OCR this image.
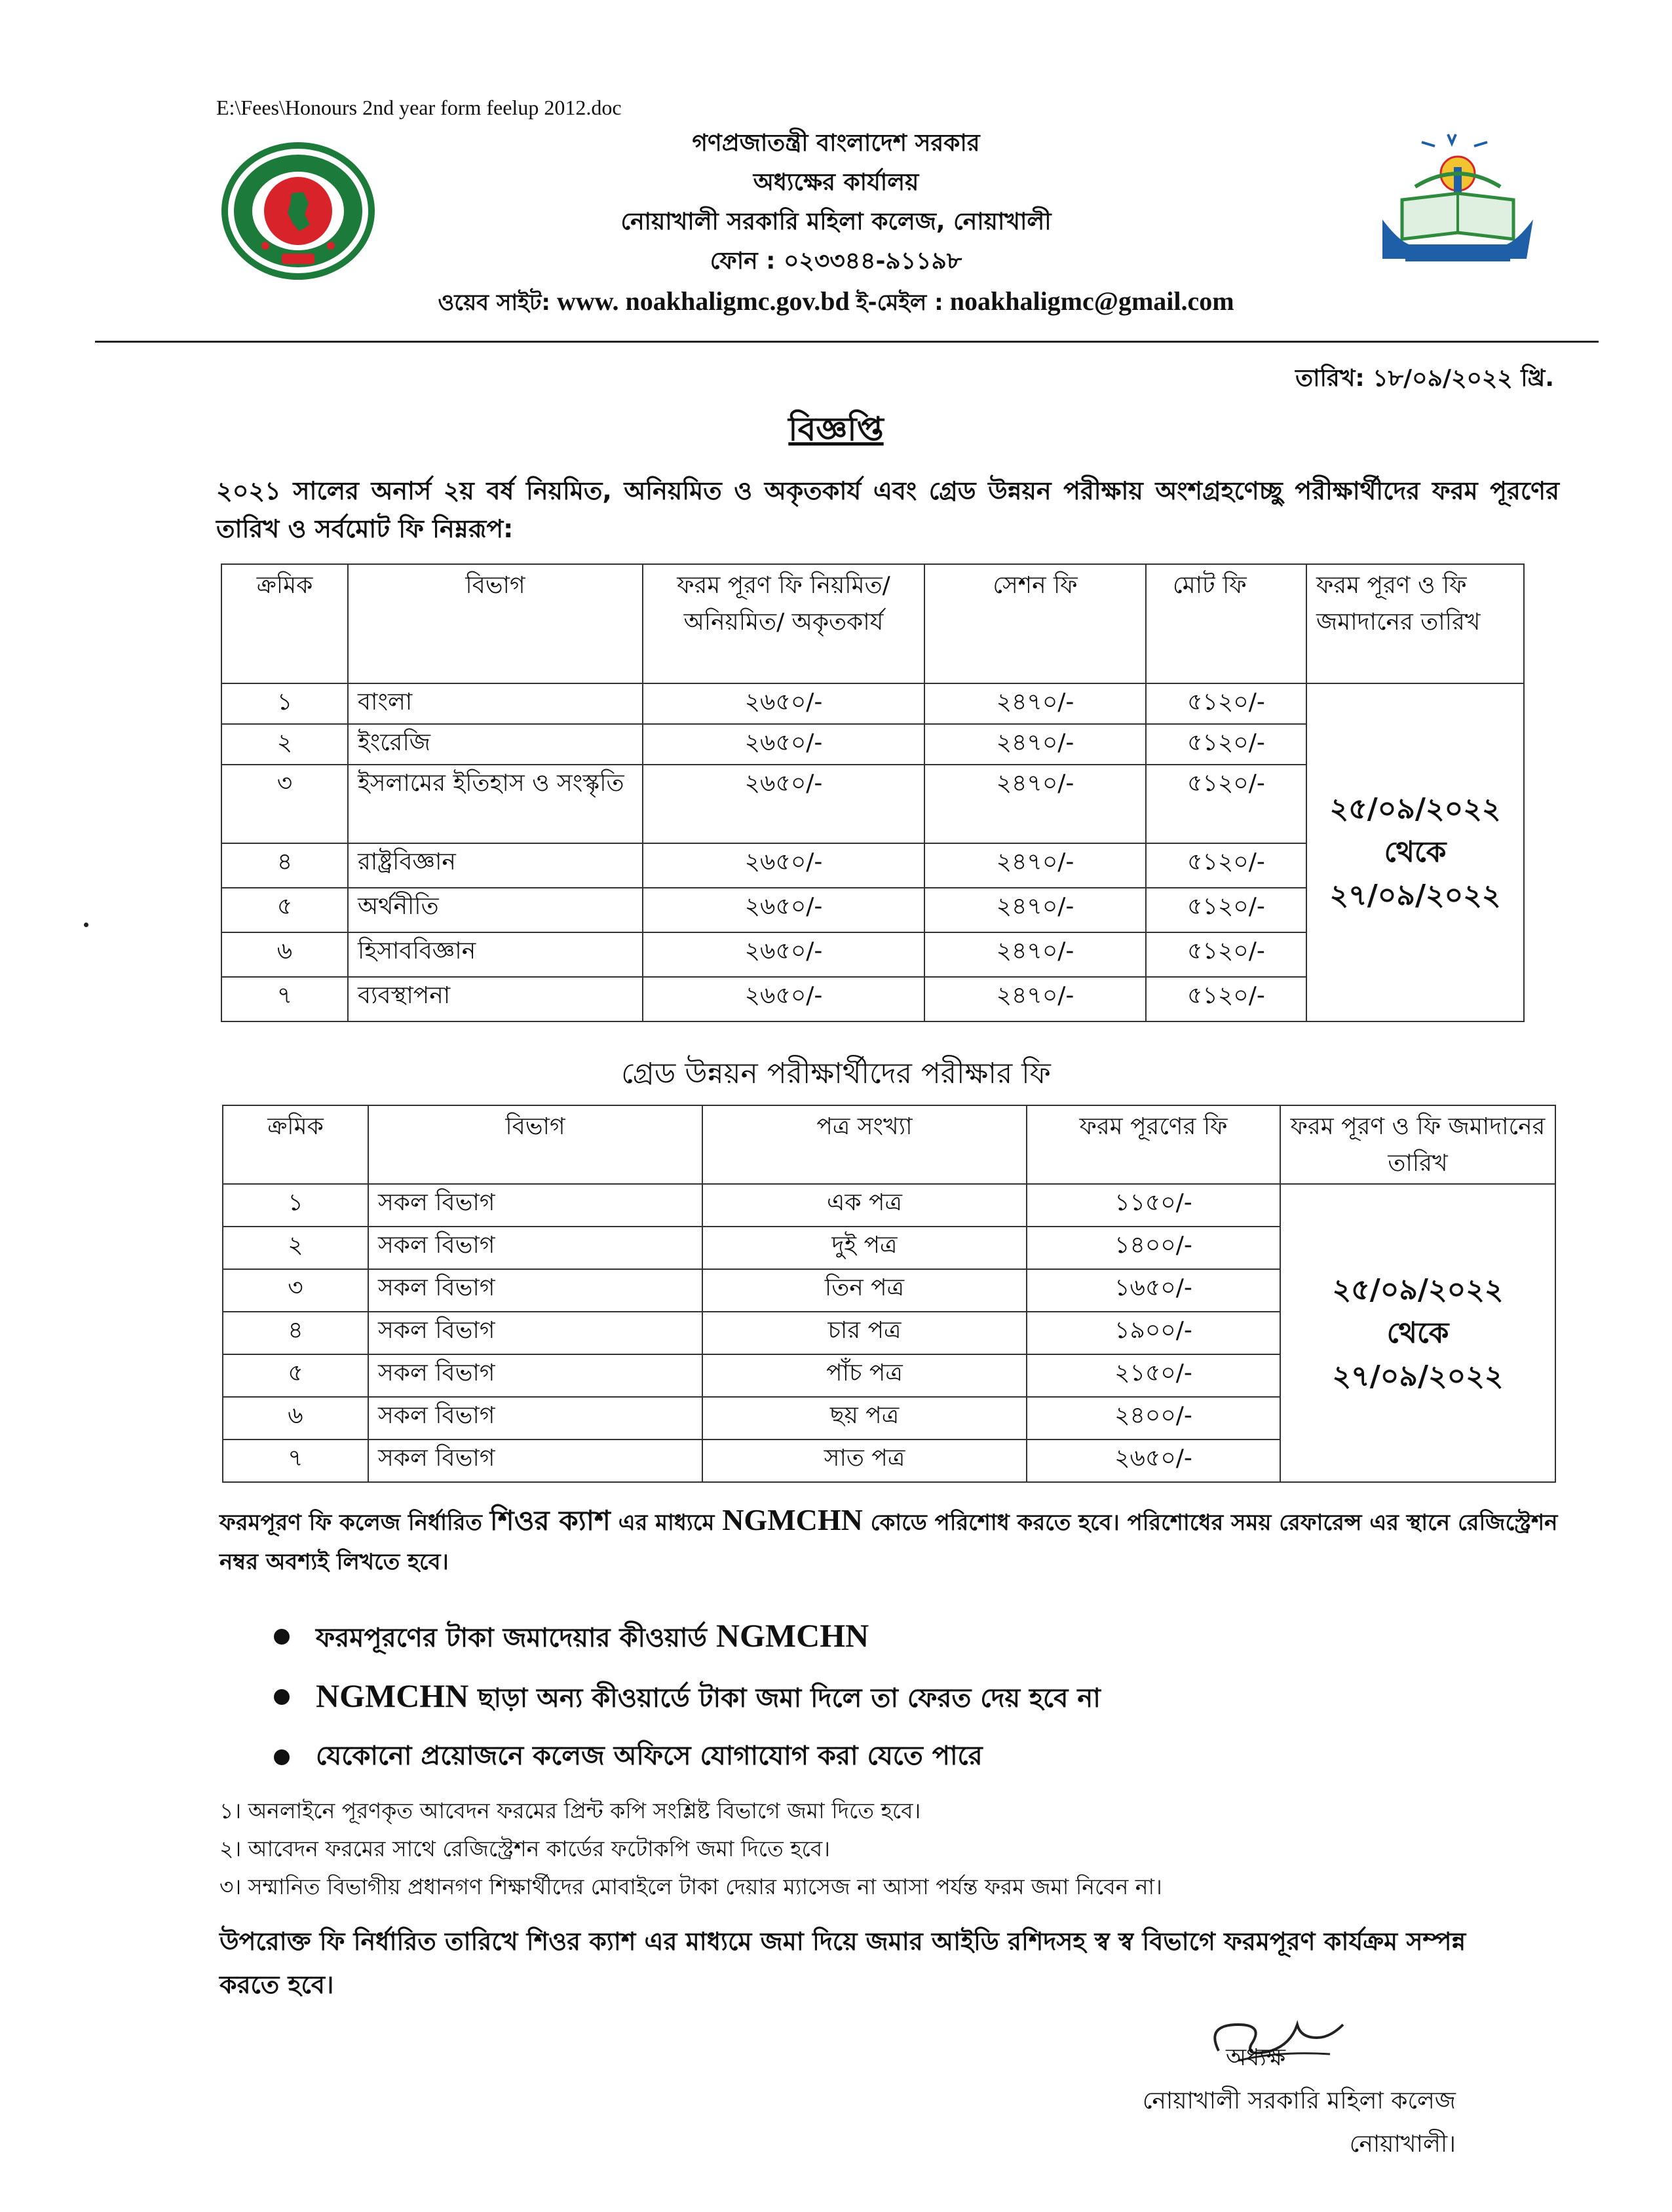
E:\Fees\Honours 2nd year form feelup 2012.doc
গণপ্রজাতন্ত্রী বাংলাদেশ সরকার
অধ্যক্ষের কার্যালয়
নোয়াখালী সরকারি মহিলা কলেজ, নোয়াখালী
ফোন : ০২৩৩৪৪-৯১১৯৮
ওয়েব সাইট: www. noakhaligmc.gov.bd ই-মেইল : noakhaligmc@gmail.com
তারিখ: ১৮/০৯/২০২২ খ্রি.
বিজ্ঞপ্তি
২০২১ সালের অনার্স ২য় বর্ষ নিয়মিত, অনিয়মিত ও অকৃতকার্য এবং গ্রেড উন্নয়ন পরীক্ষায় অংশগ্রহণেচ্ছু পরীক্ষার্থীদের ফরম পূরণের তারিখ ও সর্বমোট ফি নিম্নরূপ:
ক্রমিক	বিভাগ	ফরম পূরণ ফি নিয়মিত/অনিয়মিত/ অকৃতকার্য	সেশন ফি	মোট ফি	ফরম পূরণ ও ফি জমাদানের তারিখ
১	বাংলা	২৬৫০/-	২৪৭০/-	৫১২০/-	২৫/০৯/২০২২
থেকে
২৭/০৯/২০২২

২	ইংরেজি	২৬৫০/-	২৪৭০/-	৫১২০/-	
৩	ইসলামের ইতিহাস ও সংস্কৃতি	২৬৫০/-	২৪৭০/-	৫১২০/-	
৪	রাষ্ট্রবিজ্ঞান	২৬৫০/-	২৪৭০/-	৫১২০/-	
৫	অর্থনীতি	২৬৫০/-	২৪৭০/-	৫১২০/-	
৬	হিসাববিজ্ঞান	২৬৫০/-	২৪৭০/-	৫১২০/-	
৭	ব্যবস্থাপনা	২৬৫০/-	২৪৭০/-	৫১২০/-	
গ্রেড উন্নয়ন পরীক্ষার্থীদের পরীক্ষার ফি
ক্রমিক	বিভাগ	পত্র সংখ্যা	ফরম পূরণের ফি	ফরম পূরণ ও ফি জমাদানের তারিখ
১	সকল বিভাগ	এক পত্র	১১৫০/-	২৫/০৯/২০২২
থেকে
২৭/০৯/২০২২

২	সকল বিভাগ	দুই পত্র	১৪০০/-	
৩	সকল বিভাগ	তিন পত্র	১৬৫০/-	
৪	সকল বিভাগ	চার পত্র	১৯০০/-	
৫	সকল বিভাগ	পাঁচ পত্র	২১৫০/-	
৬	সকল বিভাগ	ছয় পত্র	২৪০০/-	
৭	সকল বিভাগ	সাত পত্র	২৬৫০/-	
ফরমপূরণ ফি কলেজ নির্ধারিত শিওর ক্যাশ এর মাধ্যমে NGMCHN কোডে পরিশোধ করতে হবে। পরিশোধের সময় রেফারেন্স এর স্থানে রেজিস্ট্রেশন নম্বর অবশ্যই লিখতে হবে।
ফরমপূরণের টাকা জমাদেয়ার কীওয়ার্ড NGMCHN
NGMCHN ছাড়া অন্য কীওয়ার্ডে টাকা জমা দিলে তা ফেরত দেয় হবে না
যেকোনো প্রয়োজনে কলেজ অফিসে যোগাযোগ করা যেতে পারে
১। অনলাইনে পূরণকৃত আবেদন ফরমের প্রিন্ট কপি সংশ্লিষ্ট বিভাগে জমা দিতে হবে।
২। আবেদন ফরমের সাথে রেজিস্ট্রেশন কার্ডের ফটোকপি জমা দিতে হবে।
৩। সম্মানিত বিভাগীয় প্রধানগণ শিক্ষার্থীদের মোবাইলে টাকা দেয়ার ম্যাসেজ না আসা পর্যন্ত ফরম জমা নিবেন না।
উপরোক্ত ফি নির্ধারিত তারিখে শিওর ক্যাশ এর মাধ্যমে জমা দিয়ে জমার আইডি রশিদসহ স্ব স্ব বিভাগে ফরমপূরণ কার্যক্রম সম্পন্ন করতে হবে।
অধ্যক্ষ
নোয়াখালী সরকারি মহিলা কলেজ
নোয়াখালী।
